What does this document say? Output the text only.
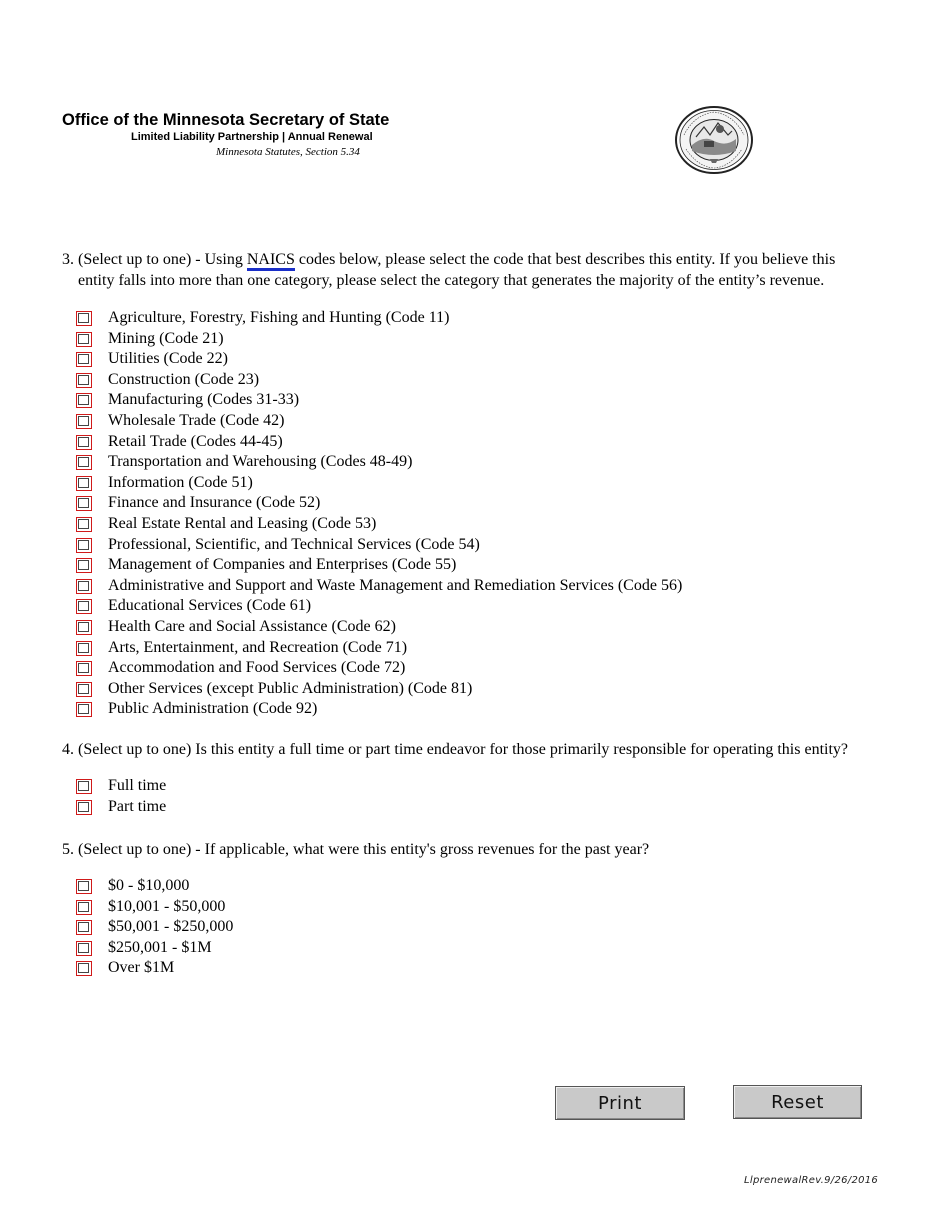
Office of the Minnesota Secretary of State
Limited Liability Partnership | Annual Renewal
Minnesota Statutes, Section 5.34
3. (Select up to one) - Using NAICS codes below, please select the code that best describes this entity. If you believe this
entity falls into more than one category, please select the category that generates the majority of the entity’s revenue.
Agriculture, Forestry, Fishing and Hunting (Code 11)
Mining (Code 21)
Utilities (Code 22)
Construction (Code 23)
Manufacturing (Codes 31-33)
Wholesale Trade (Code 42)
Retail Trade (Codes 44-45)
Transportation and Warehousing (Codes 48-49)
Information (Code 51)
Finance and Insurance (Code 52)
Real Estate Rental and Leasing (Code 53)
Professional, Scientific, and Technical Services (Code 54)
Management of Companies and Enterprises (Code 55)
Administrative and Support and Waste Management and Remediation Services (Code 56)
Educational Services (Code 61)
Health Care and Social Assistance (Code 62)
Arts, Entertainment, and Recreation (Code 71)
Accommodation and Food Services (Code 72)
Other Services (except Public Administration) (Code 81)
Public Administration (Code 92)
4. (Select up to one) Is this entity a full time or part time endeavor for those primarily responsible for operating this entity?
Full time
Part time
5. (Select up to one) - If applicable, what were this entity's gross revenues for the past year?
$0 - $10,000
$10,001 - $50,000
$50,001 - $250,000
$250,001 - $1M
Over $1M
Print	Reset
LlprenewalRev.9/26/2016
